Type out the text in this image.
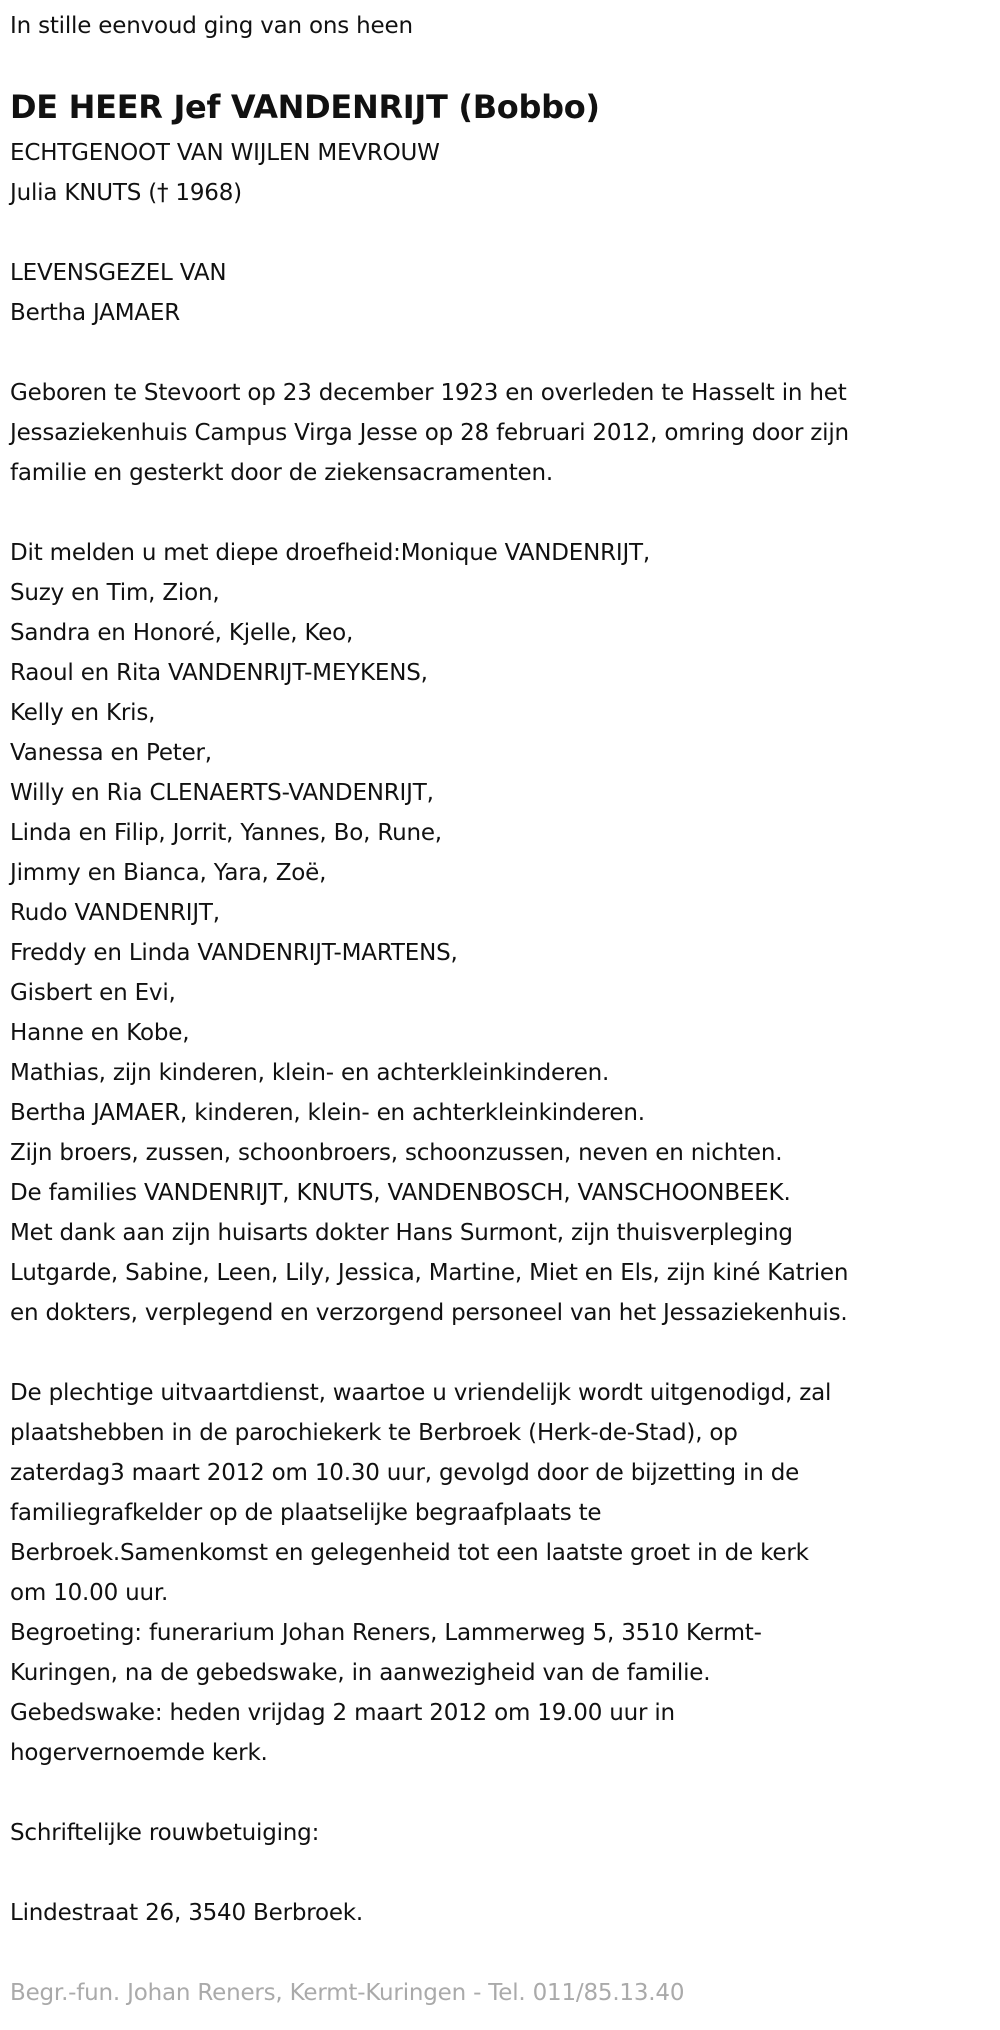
In stille eenvoud ging van ons heen
DE HEER Jef VANDENRIJT (Bobbo)
ECHTGENOOT VAN WIJLEN MEVROUW
Julia KNUTS († 1968)
LEVENSGEZEL VAN
Bertha JAMAER
Geboren te Stevoort op 23 december 1923 en overleden te Hasselt in het
Jessaziekenhuis Campus Virga Jesse op 28 februari 2012, omring door zijn
familie en gesterkt door de ziekensacramenten.
Dit melden u met diepe droefheid:Monique VANDENRIJT,
Suzy en Tim, Zion,
Sandra en Honoré, Kjelle, Keo,
Raoul en Rita VANDENRIJT-MEYKENS,
Kelly en Kris,
Vanessa en Peter,
Willy en Ria CLENAERTS-VANDENRIJT,
Linda en Filip, Jorrit, Yannes, Bo, Rune,
Jimmy en Bianca, Yara, Zoë,
Rudo VANDENRIJT,
Freddy en Linda VANDENRIJT-MARTENS,
Gisbert en Evi,
Hanne en Kobe,
Mathias, zijn kinderen, klein- en achterkleinkinderen.
Bertha JAMAER, kinderen, klein- en achterkleinkinderen.
Zijn broers, zussen, schoonbroers, schoonzussen, neven en nichten.
De families VANDENRIJT, KNUTS, VANDENBOSCH, VANSCHOONBEEK.
Met dank aan zijn huisarts dokter Hans Surmont, zijn thuisverpleging
Lutgarde, Sabine, Leen, Lily, Jessica, Martine, Miet en Els, zijn kiné Katrien
en dokters, verplegend en verzorgend personeel van het Jessaziekenhuis.
De plechtige uitvaartdienst, waartoe u vriendelijk wordt uitgenodigd, zal
plaatshebben in de parochiekerk te Berbroek (Herk-de-Stad), op
zaterdag3 maart 2012 om 10.30 uur, gevolgd door de bijzetting in de
familiegrafkelder op de plaatselijke begraafplaats te
Berbroek.Samenkomst en gelegenheid tot een laatste groet in de kerk
om 10.00 uur.
Begroeting: funerarium Johan Reners, Lammerweg 5, 3510 Kermt-
Kuringen, na de gebedswake, in aanwezigheid van de familie.
Gebedswake: heden vrijdag 2 maart 2012 om 19.00 uur in
hogervernoemde kerk.
Schriftelijke rouwbetuiging:
Lindestraat 26, 3540 Berbroek.
Begr.-fun. Johan Reners, Kermt-Kuringen - Tel. 011/85.13.40
